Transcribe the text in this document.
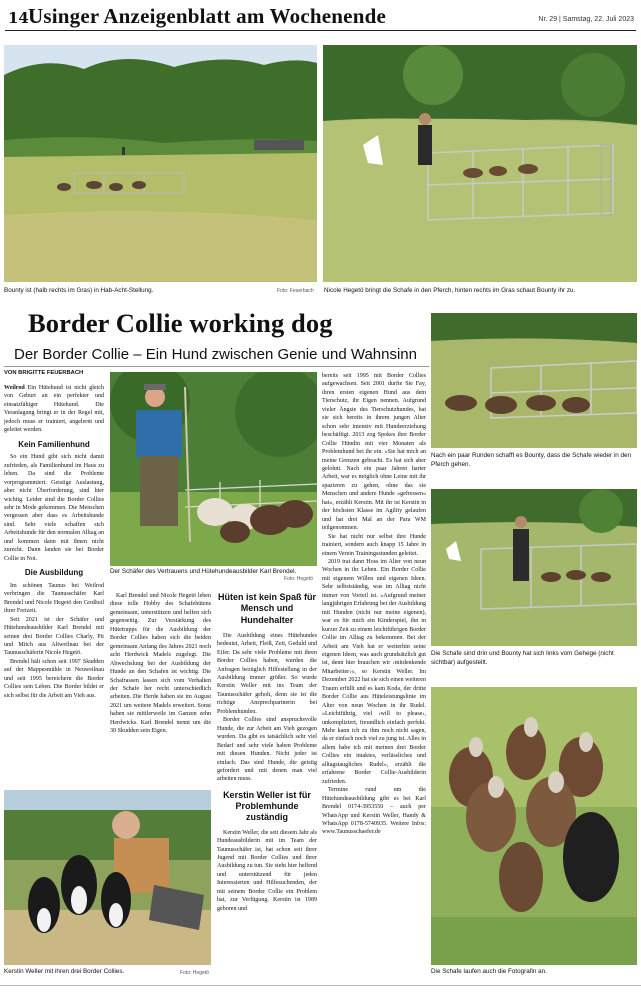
14 Usinger Anzeigenblatt am Wochenende	Nr. 29 | Samstag, 22. Juli 2023
Bounty ist (halb rechts im Gras) in Hab-Acht-Stellung.	Foto: Feuerbach Nicole Hegetö bringt die Schafe in den Pferch, hinten rechts im Gras schaut Bounty ihr zu.
Border Collie working dog
Der Border Collie – Ein Hund zwischen Genie und Wahnsinn
VON BRIGITTE FEUERBACH
Nach ein paar Runden schafft es Bounty, dass die Schafe wieder in den Pferch gehen.
Die Schafe sind drin und Bounty hat sich links vom Gehege (nicht sichtbar) aufgestellt.
Die Schafe laufen auch die Fotografin an.
Der Schäfer des Vertrauens und Hütehundeausbilder Karl Brendel.
Foto: Hegetö
Kerstin Weller mit ihren drei Border Collies.	Foto: Hegetö

Weilrod Ein Hütehund ist nicht gleich von Geburt an ein perfekter und einsatzfähiger Hütehund. Die Veranlagung bringt er in der Regel mit, jedoch muss er trainiert, angelernt und geleitet werden.

Kein Familienhund

So ein Hund gibt sich nicht damit zufrieden, als Familienhund im Haus zu leben. Da sind die Probleme vorprogrammiert. Geistige Auslastung, aber nicht Überforderung, sind hier wichtig. Leider sind die Border Collies sehr in Mode gekommen. Die Menschen vergessen aber dass es Arbeitshunde sind. Sehr viele schaffen sich Arbeitshunde für den normalen Alltag an und kommen dann mit ihnen nicht zurecht. Dann landen sie bei Border Collie in Not.

Die Ausbildung

Im schönen Taunus bei Weilrod verbringen die Taunusschäfer Karl Brendel und Nicole Hegetö den Großteil ihrer Freizeit.

Seit 2021 ist der Schäfer und Hütehundeausbilder Karl Brendel mit seinen drei Border Collies Charly, Pit und Mitch aus Altweilnau bei der Taunusschäferin Nicole Hegetö.

Brendel hält schon seit 1997 Skudden auf der Mappesmühle in Neuweilnau und seit 1995 bereichern die Border Collies sein Leben. Die Border bildet er sich selbst für die Arbeit am Vieh aus.

Karl Brendel und Nicole Hegetö leben diese tolle Hobby des Schafehütens gemeinsam, unterstützen und helfen sich gegenseitig. Zur Verstärkung des Hütetrupps für die Ausbildung der Border Collies haben sich die beiden gemeinsam Anfang des Jahres 2021 noch acht Herdwick Madels zugelegt. Die Abwechslung bei der Ausbildung der Hunde an den Schafen ist wichtig. Die Schafrassen lassen sich vom Verhalten der Schafe her recht unterschiedlich arbeiten. Die Herde haben sie im August 2021 um weitere Madels erweitert. Sonst haben sie mittlerweile im Ganzen zehn Herdwicks. Karl Brendel nennt um die 30 Skudden sein Eigen.

Hüten ist kein Spaß für Mensch und Hundehalter

Die Ausbildung eines Hütehundes bedeutet, Arbeit, Fleiß, Zeit, Geduld und Eifer. Da sehr viele Probleme mit ihren Border Collies haben, wurden die Anfragen bezüglich Hilfestellung in der Ausbildung immer größer. So wurde Kerstin Weller mit ins Team der Taunusschäfer geholt, denn sie ist die richtige Ansprechpartnerin bei Problemhunden.

Border Collies sind anspruchsvolle Hunde, die zur Arbeit am Vieh gezogen wurden. Da gibt es tatsächlich sehr viel Bedarf und sehr viele haben Probleme mit diesen Hunden. Nicht jeder ist einfach. Das sind Hunde, die geistig gefordert und mit denen man viel arbeiten muss.

Kerstin Weller ist für Problemhunde zuständig

Kerstin Weller, die seit diesem Jahr als Hundeausbilderin mit im Team der Taunusschäfer ist, hat schon seit ihrer Jugend mit Border Collies und ihrer Ausbildung zu tun. Sie steht hier helfend und unterstützend für jeden Interessierten und Hilfesuchenden, der mit seinem Border Collie ein Problem hat, zur Verfügung. Kerstin ist 1989 geboren und

bereits seit 1995 mit Border Collies aufgewachsen. Seit 2001 durfte Sie Fay, ihren ersten eigenen Hund aus dem Tierschutz, ihr Eigen nennen. Aufgrund vieler Ängste des Tierschutzhundes, hat sie sich bereits in ihrem jungen Alter schon sehr intensiv mit Hundeerziehung beschäftigt. 2013 zog Spokes ihre Border Collie Hündin mit vier Monaten als Problemhund bei ihr ein. »Sie hat mich an meine Grenzen gebracht. Es hat sich aber gelohnt. Nach ein paar Jahren harter Arbeit, war es möglich ohne Leine mit ihr spazieren zu gehen, ohne das sie Menschen und andere Hunde »gefressen« hat«, erzählt Kerstin. Mit ihr ist Kerstin in der höchsten Klasse im Agility gelaufen und hat drei Mal an der Para WM teilgenommen.

Sie hat nicht nur selbst ihre Hunde trainiert, sondern auch knapp 15 Jahre in einem Verein Trainingsstunden geleitet.

2019 trat dann Hoss im Alter von neun Wochen in ihr Leben. Ein Border Collie mit eigenem Willen und eigenen Ideen. Sehr selbstständig, was im Alltag nicht immer von Vorteil ist. »Aufgrund meiner langjährigen Erfahrung bei der Ausbildung mit Hunden (nicht nur meine eigenen), war es für mich ein Kinderspiel, ihn in kurzer Zeit zu einem leichtführigen Border Collie im Alltag zu bekommen. Bei der Arbeit am Vieh hat er weiterhin seine eigenen Ideen, was auch grundsätzlich gut ist, denn hier brauchen wir ›mitdenkende Mitarbeiter‹«, so Kerstin Weller. Im Dezember 2022 hat sie sich einen weiteren Traum erfüllt und es kam Koda, der dritte Border Collie aus Hüteleistungslinie im Alter von neun Wochen in ihr Rudel. »Leichtführig, viel ›will to please‹, unkompliziert, freundlich einfach perfekt. Mehr kann ich zu ihm noch nicht sagen, da er einfach noch viel zu jung ist. Alles in allem habe ich mit meinen drei Border Collies ein intaktes, verlässliches und alltagstaugliches Rudel«, erzählt die erfahrene Border Collie-Ausbilderin zufrieden.

Termine rund um die Hütehundeausbildung gibt es bei Karl Brendel 0174-3953550 – auch per WhatsApp und Kerstin Weller, Handy & WhatsApp 0178-5740935. Weitere Infos: www.Taunusschaefer.de
